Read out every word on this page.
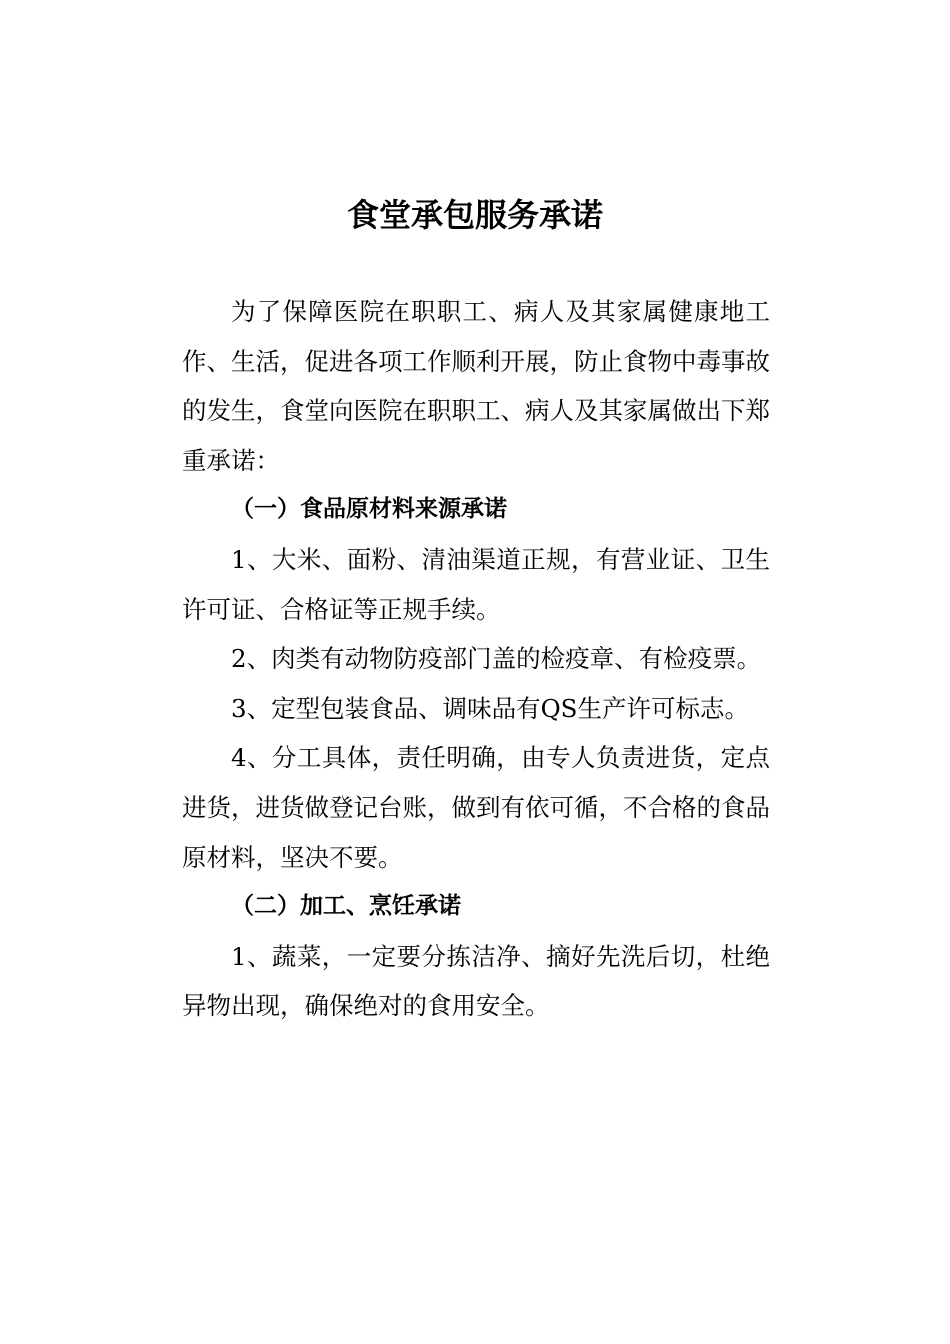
食堂承包服务承诺

为了保障医院在职职工、病人及其家属健康地工作、生活，促进各项工作顺利开展，防止食物中毒事故的发生，食堂向医院在职职工、病人及其家属做出下郑重承诺：

（一）食品原材料来源承诺

1、大米、面粉、清油渠道正规，有营业证、卫生许可证、合格证等正规手续。

2、肉类有动物防疫部门盖的检疫章、有检疫票。

3、定型包装食品、调味品有QS生产许可标志。

4、分工具体，责任明确，由专人负责进货，定点进货，进货做登记台账，做到有依可循，不合格的食品原材料，坚决不要。

（二）加工、烹饪承诺

1、蔬菜，一定要分拣洁净、摘好先洗后切，杜绝异物出现，确保绝对的食用安全。
